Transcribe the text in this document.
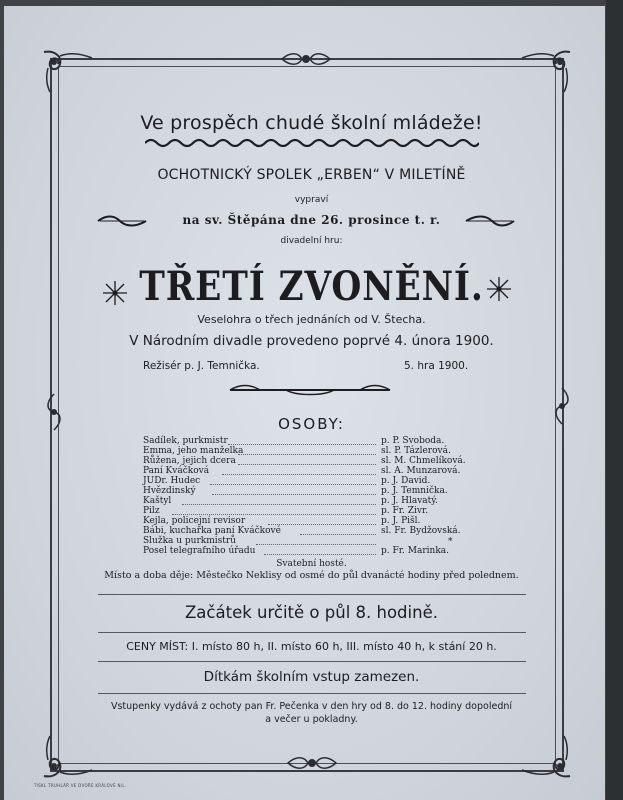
Ve prospěch chudé školní mládeže!
OCHOTNICKÝ SPOLEK „ERBEN“ V MILETÍNĚ
vypraví
na sv. Štěpána dne 26. prosince t. r.
divadelní hru:
TŘETÍ ZVONĚNÍ.
Veselohra o třech jednáních od V. Štecha.
V Národním divadle provedeno poprvé 4. února 1900.
Režisér p. J. Temnička.	5. hra 1900.
OSOBY:
Sadílek, purkmistr	p. P. Svoboda.
Emma, jeho manželka	sl. P. Tázlerová.
Růžena, jejich dcera	sl. M. Chmelíková.
Paní Kváčková	sl. A. Munzarová.
JUDr. Hudec	p. J. David.
Hvězdinský	p. J. Temnička.
Kaštyl	p. J. Hlavatý.
Pilz	p. Fr. Zivr.
Kejla, policejní revisor	p. J. Pišl.
Bábi, kuchařka paní Kváčkové	sl. Fr. Bydžovská.
Služka u purkmistrů	*
Posel telegrafního úřadu	p. Fr. Marinka.
Svatební hosté.
Místo a doba děje: Městečko Neklisy od osmé do půl dvanácté hodiny před polednem.
Začátek určitě o půl 8. hodině.
CENY MÍST: I. místo 80 h, II. místo 60 h, III. místo 40 h, k stání 20 h.
Dítkám školním vstup zamezen.
Vstupenky vydává z ochoty pan Fr. Pečenka v den hry od 8. do 12. hodiny dopolední
a večer u pokladny.
TISKL TRUHLÁŘ VE DVOŘE KRÁLOVÉ N/L.
